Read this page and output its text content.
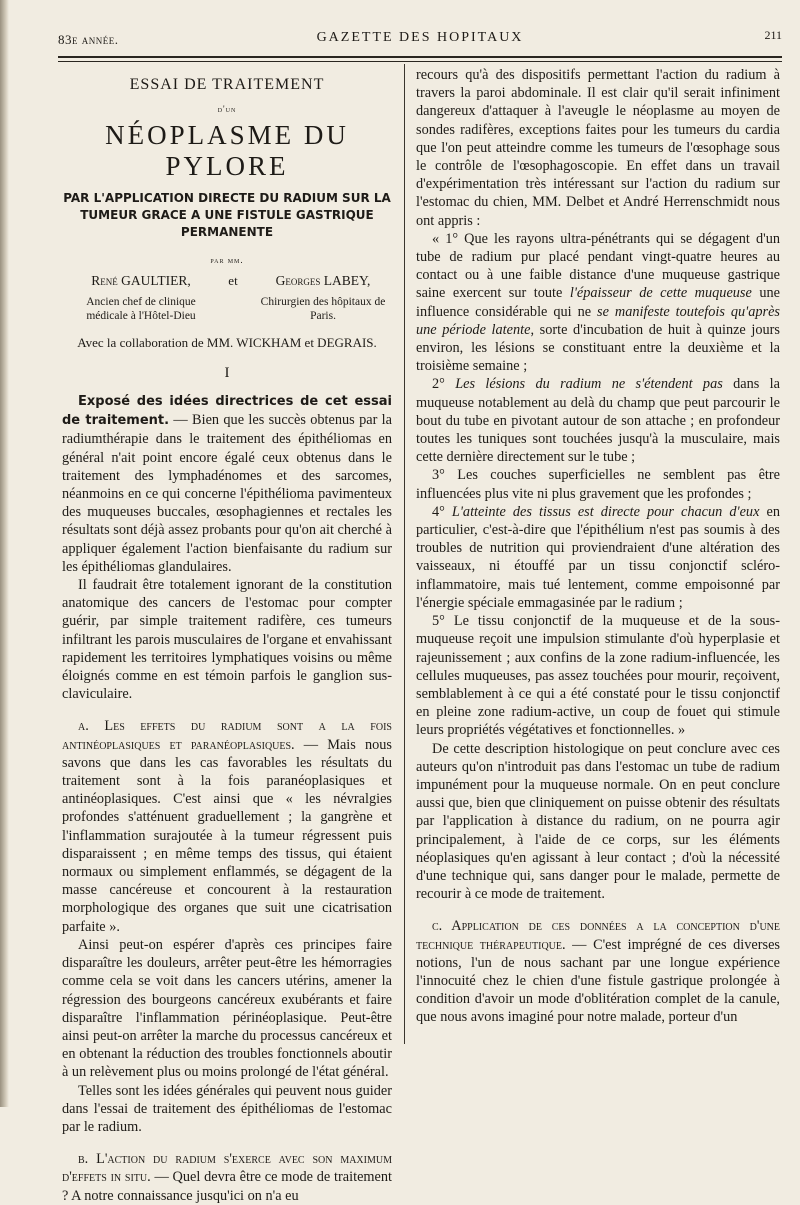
83e année.	GAZETTE DES HOPITAUX	211
ESSAI DE TRAITEMENT
d'un
NÉOPLASME DU PYLORE
PAR L'APPLICATION DIRECTE DU RADIUM SUR LA TUMEUR GRACE A UNE FISTULE GASTRIQUE PERMANENTE
par mm.
René GAULTIER,
Ancien chef de clinique médicale à l'Hôtel-Dieu
et	Georges LABEY,
Chirurgien des hôpitaux de Paris.
Avec la collaboration de MM. WICKHAM et DEGRAIS.
I

Exposé des idées directrices de cet essai de traitement. — Bien que les succès obtenus par la radiumthérapie dans le traitement des épithéliomas en général n'ait point encore égalé ceux obtenus dans le traitement des lymphadénomes et des sarcomes, néanmoins en ce qui concerne l'épithélioma pavimenteux des muqueuses buccales, œsophagiennes et rectales les résultats sont déjà assez probants pour qu'on ait cherché à appliquer également l'action bienfaisante du radium sur les épithéliomas glandulaires.

Il faudrait être totalement ignorant de la constitution anatomique des cancers de l'estomac pour compter guérir, par simple traitement radifère, ces tumeurs infiltrant les parois musculaires de l'organe et envahissant rapidement les territoires lymphatiques voisins ou même éloignés comme en est témoin parfois le ganglion sus-claviculaire.

a. Les effets du radium sont a la fois antinéoplasiques et paranéoplasiques. — Mais nous savons que dans les cas favorables les résultats du traitement sont à la fois paranéoplasiques et antinéoplasiques. C'est ainsi que « les névralgies profondes s'atténuent graduellement ; la gangrène et l'inflammation surajoutée à la tumeur régressent puis disparaissent ; en même temps des tissus, qui étaient normaux ou simplement enflammés, se dégagent de la masse cancéreuse et concourent à la restauration morphologique des organes que suit une cicatrisation parfaite ».

Ainsi peut-on espérer d'après ces principes faire disparaître les douleurs, arrêter peut-être les hémorragies comme cela se voit dans les cancers utérins, amener la régression des bourgeons cancéreux exubérants et faire disparaître l'inflammation périnéoplasique. Peut-être ainsi peut-on arrêter la marche du processus cancéreux et en obtenant la réduction des troubles fonctionnels aboutir à un relèvement plus ou moins prolongé de l'état général.

Telles sont les idées générales qui peuvent nous guider dans l'essai de traitement des épithéliomas de l'estomac par le radium.

b. L'action du radium s'exerce avec son maximum d'effets in situ. — Quel devra être ce mode de traitement ? A notre connaissance jusqu'ici on n'a eu

recours qu'à des dispositifs permettant l'action du radium à travers la paroi abdominale. Il est clair qu'il serait infiniment dangereux d'attaquer à l'aveugle le néoplasme au moyen de sondes radifères, exceptions faites pour les tumeurs du cardia que l'on peut atteindre comme les tumeurs de l'œsophage sous le contrôle de l'œsophagoscopie. En effet dans un travail d'expérimentation très intéressant sur l'action du radium sur l'estomac du chien, MM. Delbet et André Herrenschmidt nous ont appris :

« 1° Que les rayons ultra-pénétrants qui se dégagent d'un tube de radium pur placé pendant vingt-quatre heures au contact ou à une faible distance d'une muqueuse gastrique saine exercent sur toute l'épaisseur de cette muqueuse une influence considérable qui ne se manifeste toutefois qu'après une période latente, sorte d'incubation de huit à quinze jours environ, les lésions se constituant entre la deuxième et la troisième semaine ;

2° Les lésions du radium ne s'étendent pas dans la muqueuse notablement au delà du champ que peut parcourir le bout du tube en pivotant autour de son attache ; en profondeur toutes les tuniques sont touchées jusqu'à la musculaire, mais cette dernière directement sur le tube ;

3° Les couches superficielles ne semblent pas être influencées plus vite ni plus gravement que les profondes ;

4° L'atteinte des tissus est directe pour chacun d'eux en particulier, c'est-à-dire que l'épithélium n'est pas soumis à des troubles de nutrition qui proviendraient d'une altération des vaisseaux, ni étouffé par un tissu conjonctif scléro-inflammatoire, mais tué lentement, comme empoisonné par l'énergie spéciale emmagasinée par le radium ;

5° Le tissu conjonctif de la muqueuse et de la sous-muqueuse reçoit une impulsion stimulante d'où hyperplasie et rajeunissement ; aux confins de la zone radium-influencée, les cellules muqueuses, pas assez touchées pour mourir, reçoivent, semblablement à ce qui a été constaté pour le tissu conjonctif en pleine zone radium-active, un coup de fouet qui stimule leurs propriétés végétatives et fonctionnelles. »

De cette description histologique on peut conclure avec ces auteurs qu'on n'introduit pas dans l'estomac un tube de radium impunément pour la muqueuse normale. On en peut conclure aussi que, bien que cliniquement on puisse obtenir des résultats par l'application à distance du radium, on ne pourra agir principalement, à l'aide de ce corps, sur les éléments néoplasiques qu'en agissant à leur contact ; d'où la nécessité d'une technique qui, sans danger pour le malade, permette de recourir à ce mode de traitement.

c. Application de ces données a la conception d'une technique thérapeutique. — C'est imprégné de ces diverses notions, l'un de nous sachant par une longue expérience l'innocuité chez le chien d'une fistule gastrique prolongée à condition d'avoir un mode d'oblitération complet de la canule, que nous avons imaginé pour notre malade, porteur d'un
